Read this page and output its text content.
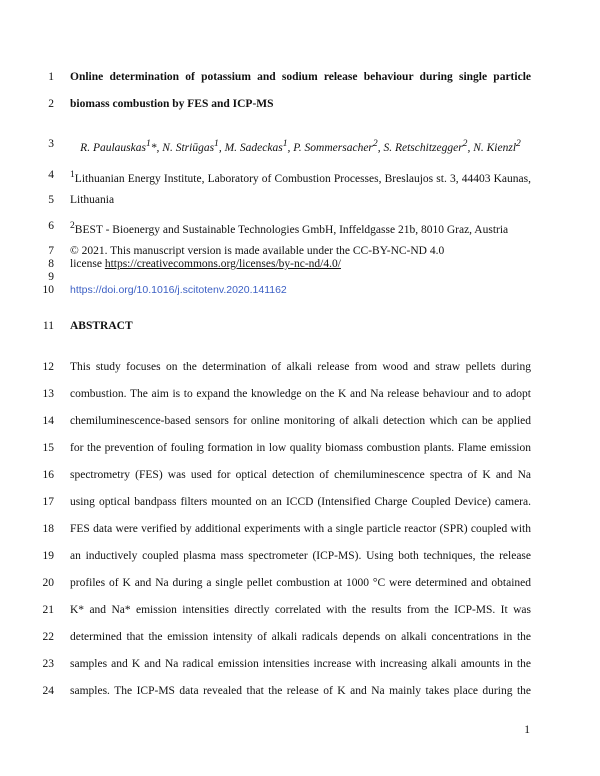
1
2
3
4
5
6
7
8
9
10
11
12
13
14
15
16
17
18
19
20
21
22
23
24
Online determination of potassium and sodium release behaviour during single particle
biomass combustion by FES and ICP-MS
R. Paulauskas$^1$*, N. Striūgas$^1$, M. Sadeckas$^1$, P. Sommersacher$^2$, S. Retschitzegger$^2$, N. Kienzl$^2$
$^1$Lithuanian Energy Institute, Laboratory of Combustion Processes, Breslaujos st. 3, 44403 Kaunas,
Lithuania
$^2$BEST - Bioenergy and Sustainable Technologies GmbH, Inffeldgasse 21b, 8010 Graz, Austria
© 2021. This manuscript version is made available under the CC-BY-NC-ND 4.0
license https://creativecommons.org/licenses/by-nc-nd/4.0/
https://doi.org/10.1016/j.scitotenv.2020.141162
ABSTRACT
This study focuses on the determination of alkali release from wood and straw pellets during
combustion. The aim is to expand the knowledge on the K and Na release behaviour and to adopt
chemiluminescence-based sensors for online monitoring of alkali detection which can be applied
for the prevention of fouling formation in low quality biomass combustion plants. Flame emission
spectrometry (FES) was used for optical detection of chemiluminescence spectra of K and Na
using optical bandpass filters mounted on an ICCD (Intensified Charge Coupled Device) camera.
FES data were verified by additional experiments with a single particle reactor (SPR) coupled with
an inductively coupled plasma mass spectrometer (ICP-MS). Using both techniques, the release
profiles of K and Na during a single pellet combustion at 1000 °C were determined and obtained
K* and Na* emission intensities directly correlated with the results from the ICP-MS. It was
determined that the emission intensity of alkali radicals depends on alkali concentrations in the
samples and K and Na radical emission intensities increase with increasing alkali amounts in the
samples. The ICP-MS data revealed that the release of K and Na mainly takes place during the
1
